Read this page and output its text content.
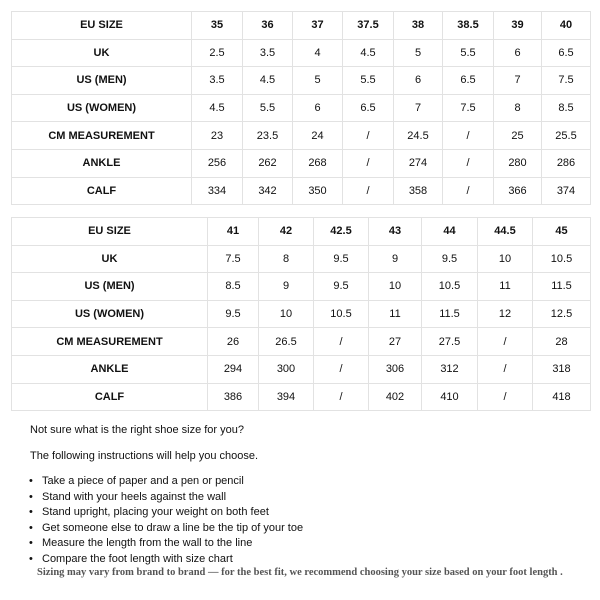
EU SIZE	35	36	37	37.5	38	38.5	39	40
UK	2.5	3.5	4	4.5	5	5.5	6	6.5
US (MEN)	3.5	4.5	5	5.5	6	6.5	7	7.5
US (WOMEN)	4.5	5.5	6	6.5	7	7.5	8	8.5
CM MEASUREMENT	23	23.5	24	/	24.5	/	25	25.5
ANKLE	256	262	268	/	274	/	280	286
CALF	334	342	350	/	358	/	366	374
EU SIZE	41	42	42.5	43	44	44.5	45
UK	7.5	8	9.5	9	9.5	10	10.5
US (MEN)	8.5	9	9.5	10	10.5	11	11.5
US (WOMEN)	9.5	10	10.5	11	11.5	12	12.5
CM MEASUREMENT	26	26.5	/	27	27.5	/	28
ANKLE	294	300	/	306	312	/	318
CALF	386	394	/	402	410	/	418
Not sure what is the right shoe size for you?
The following instructions will help you choose.
• Take a piece of paper and a pen or pencil
• Stand with your heels against the wall
• Stand upright, placing your weight on both feet
• Get someone else to draw a line be the tip of your toe
• Measure the length from the wall to the line
• Compare the foot length with size chart
Sizing may vary from brand to brand — for the best fit, we recommend choosing your size based on your foot length .
